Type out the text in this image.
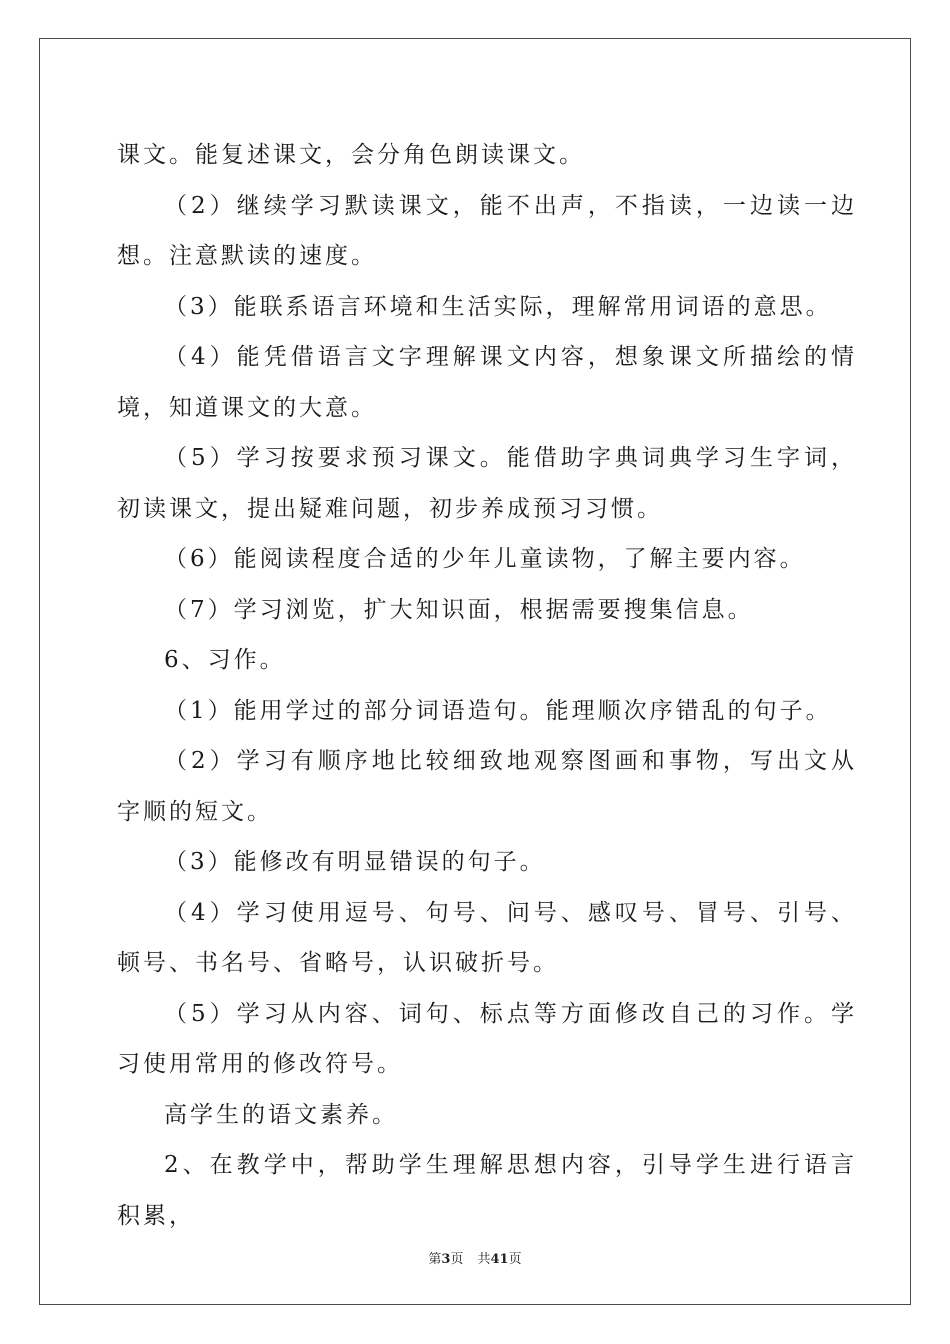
课文。能复述课文，会分角色朗读课文。

（2）继续学习默读课文，能不出声，不指读，一边读一边想。注意默读的速度。

（3）能联系语言环境和生活实际，理解常用词语的意思。

（4）能凭借语言文字理解课文内容，想象课文所描绘的情境，知道课文的大意。

（5）学习按要求预习课文。能借助字典词典学习生字词，初读课文，提出疑难问题，初步养成预习习惯。

（6）能阅读程度合适的少年儿童读物，了解主要内容。

（7）学习浏览，扩大知识面，根据需要搜集信息。

6、习作。

（1）能用学过的部分词语造句。能理顺次序错乱的句子。

（2）学习有顺序地比较细致地观察图画和事物，写出文从字顺的短文。

（3）能修改有明显错误的句子。

（4）学习使用逗号、句号、问号、感叹号、冒号、引号、顿号、书名号、省略号，认识破折号。

（5）学习从内容、词句、标点等方面修改自己的习作。学习使用常用的修改符号。

高学生的语文素养。

2、在教学中，帮助学生理解思想内容，引导学生进行语言积累，

第3页 共41页
